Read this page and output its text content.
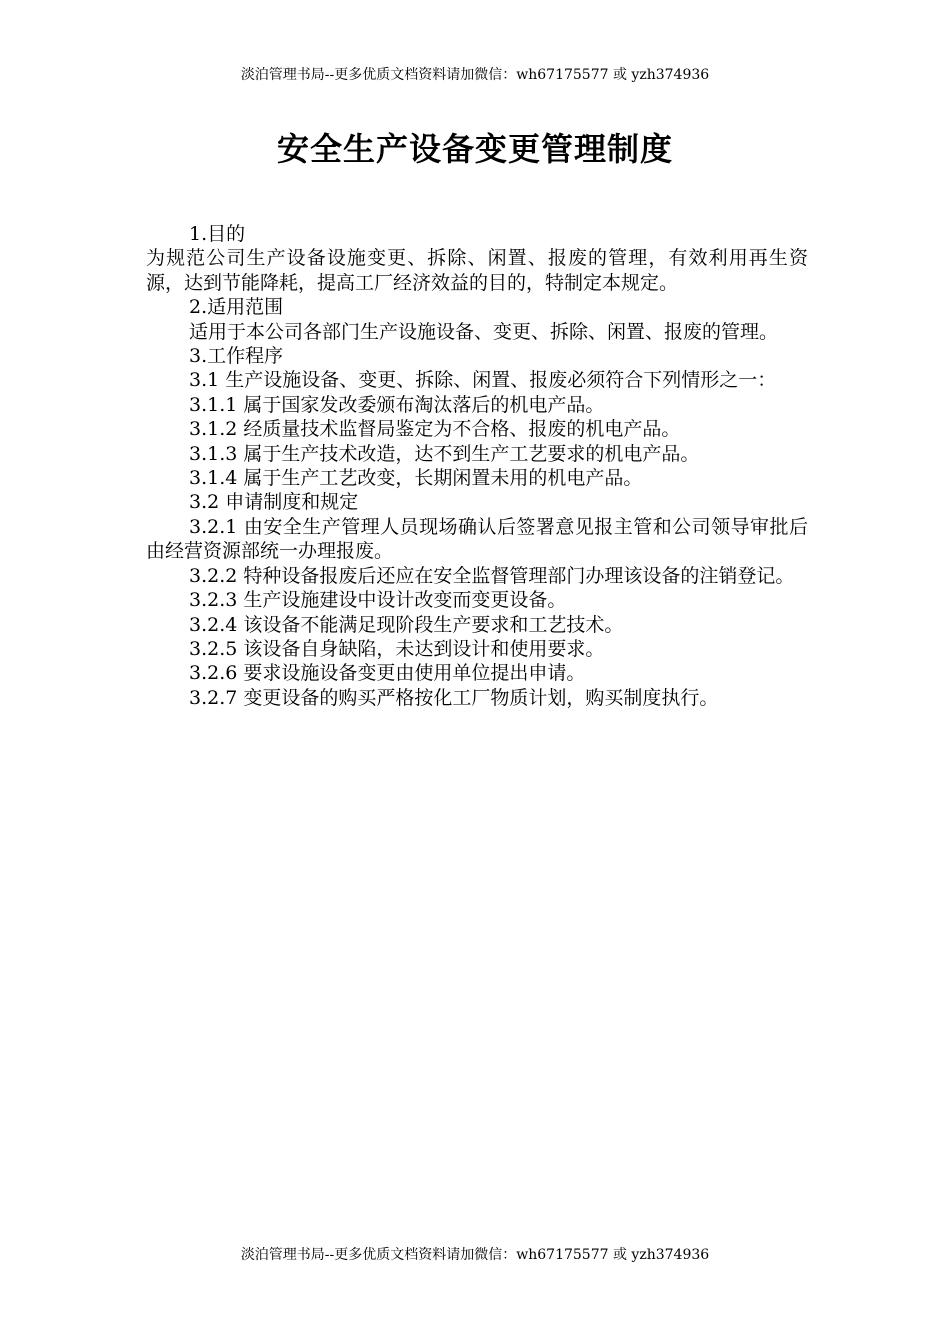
淡泊管理书局--更多优质文档资料请加微信：wh67175577 或 yzh374936
安全生产设备变更管理制度

1.目的

为规范公司生产设备设施变更、拆除、闲置、报废的管理，有效利用再生资源，达到节能降耗，提高工厂经济效益的目的，特制定本规定。

2.适用范围

适用于本公司各部门生产设施设备、变更、拆除、闲置、报废的管理。

3.工作程序

3.1 生产设施设备、变更、拆除、闲置、报废必须符合下列情形之一：

3.1.1 属于国家发改委颁布淘汰落后的机电产品。

3.1.2 经质量技术监督局鉴定为不合格、报废的机电产品。

3.1.3 属于生产技术改造，达不到生产工艺要求的机电产品。

3.1.4 属于生产工艺改变，长期闲置未用的机电产品。

3.2 申请制度和规定

3.2.1 由安全生产管理人员现场确认后签署意见报主管和公司领导审批后由经营资源部统一办理报废。

3.2.2 特种设备报废后还应在安全监督管理部门办理该设备的注销登记。

3.2.3 生产设施建设中设计改变而变更设备。

3.2.4 该设备不能满足现阶段生产要求和工艺技术。

3.2.5 该设备自身缺陷，未达到设计和使用要求。

3.2.6 要求设施设备变更由使用单位提出申请。

3.2.7 变更设备的购买严格按化工厂物质计划，购买制度执行。

淡泊管理书局--更多优质文档资料请加微信：wh67175577 或 yzh374936
